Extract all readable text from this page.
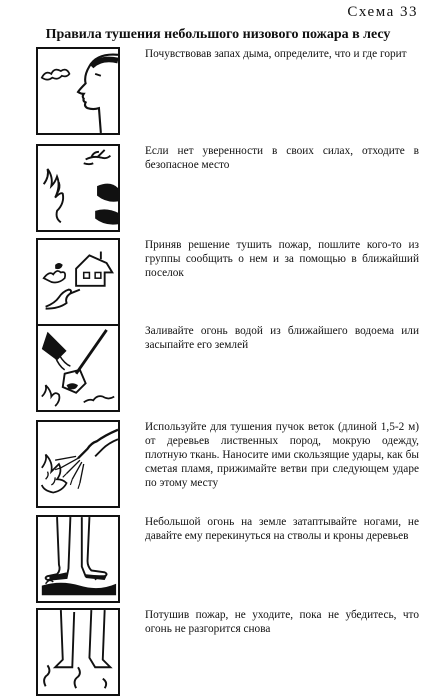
Схема 33
Правила тушения небольшого низового пожара в лесу
Почувствовав запах дыма, определите, что и где горит
Если нет уверенности в своих силах, отходите в безопасное место
Приняв решение тушить пожар, пошлите кого-то из группы сообщить о нем и за помощью в ближайший поселок
Заливайте огонь водой из ближайшего водоема или засыпайте его землей
Используйте для тушения пучок веток (длиной 1,5-2 м) от деревьев лиственных пород, мокрую одежду, плотную ткань. Наносите ими скользящие удары, как бы сметая пламя, прижимайте ветви при следующем ударе по этому месту
Небольшой огонь на земле затаптывайте ногами, не давайте ему перекинуться на стволы и кроны деревьев
Потушив пожар, не уходите, пока не убедитесь, что огонь не разгорится снова
